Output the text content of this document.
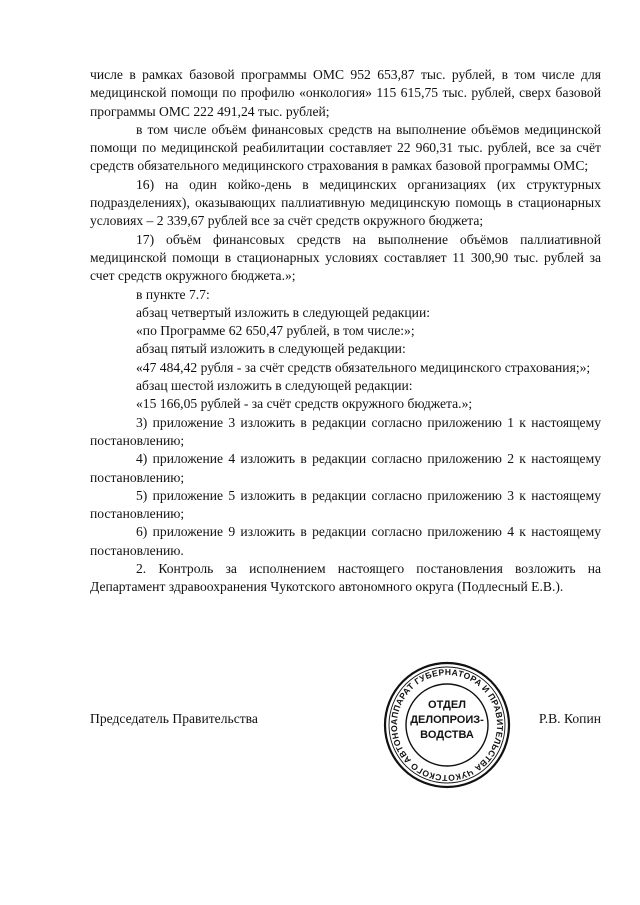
числе в рамках базовой программы ОМС 952 653,87 тыс. рублей, в том числе для медицинской помощи по профилю «онкология» 115 615,75 тыс. рублей, сверх базовой программы ОМС 222 491,24 тыс. рублей;

в том числе объём финансовых средств на выполнение объёмов медицинской помощи по медицинской реабилитации составляет 22 960,31 тыс. рублей, все за счёт средств обязательного медицинского страхования в рамках базовой программы ОМС;

16) на один койко-день в медицинских организациях (их структурных подразделениях), оказывающих паллиативную медицинскую помощь в стационарных условиях – 2 339,67 рублей все за счёт средств окружного бюджета;

17) объём финансовых средств на выполнение объёмов паллиативной медицинской помощи в стационарных условиях составляет 11 300,90 тыс. рублей за счет средств окружного бюджета.»;

в пункте 7.7:

абзац четвертый изложить в следующей редакции:

«по Программе 62 650,47 рублей, в том числе:»;

абзац пятый изложить в следующей редакции:

«47 484,42 рубля - за счёт средств обязательного медицинского страхования;»;

абзац шестой изложить в следующей редакции:

«15 166,05 рублей - за счёт средств окружного бюджета.»;

3) приложение 3 изложить в редакции согласно приложению 1 к настоящему постановлению;

4) приложение 4 изложить в редакции согласно приложению 2 к настоящему постановлению;

5) приложение 5 изложить в редакции согласно приложению 3 к настоящему постановлению;

6) приложение 9 изложить в редакции согласно приложению 4 к настоящему постановлению.

2. Контроль за исполнением настоящего постановления возложить на Департамент здравоохранения Чукотского автономного округа (Подлесный Е.В.).

Председатель Правительства	Р.В. Копин
АППАРАТ ГУБЕРНАТОРА И ПРАВИТЕЛЬСТВА ЧУКОТСКОГО АВТОНО
ОТДЕЛ
ДЕЛОПРОИЗ-
ВОДСТВА
